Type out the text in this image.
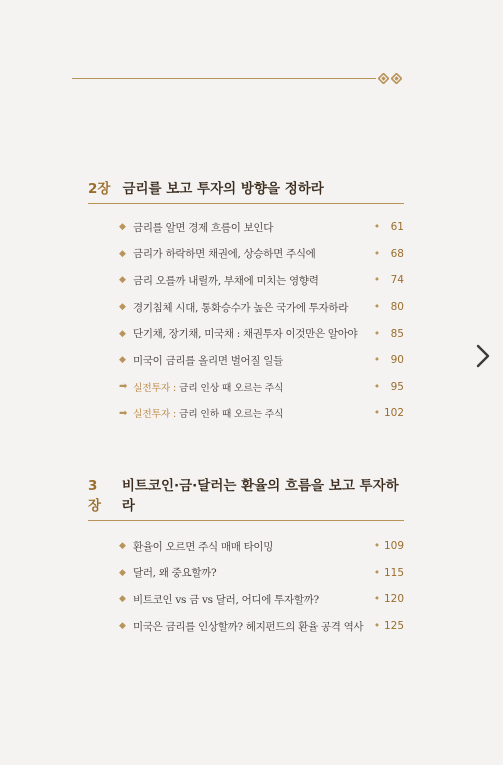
2장 금리를 보고 투자의 방향을 정하라
◆ 금리를 알면 경제 흐름이 보인다	•	61
◆ 금리가 하락하면 채권에, 상승하면 주식에	•	68
◆ 금리 오를까 내릴까, 부채에 미치는 영향력	•	74
◆ 경기침체 시대, 통화승수가 높은 국가에 투자하라	•	80
◆ 단기채, 장기채, 미국채 : 채권투자 이것만은 알아야	•	85
◆ 미국이 금리를 올리면 벌어질 일들	•	90
➡ 실전투자 : 금리 인상 때 오르는 주식	•	95
➡ 실전투자 : 금리 인하 때 오르는 주식	• 102
3장
비트코인·금·달러는 환율의 흐름을 보고 투자하라
◆ 환율이 오르면 주식 매매 타이밍	• 109
◆ 달러, 왜 중요할까?	• 115
◆ 비트코인 vs 금 vs 달러, 어디에 투자할까?	• 120
◆ 미국은 금리를 인상할까? 헤지펀드의 환율 공격 역사 • 125
